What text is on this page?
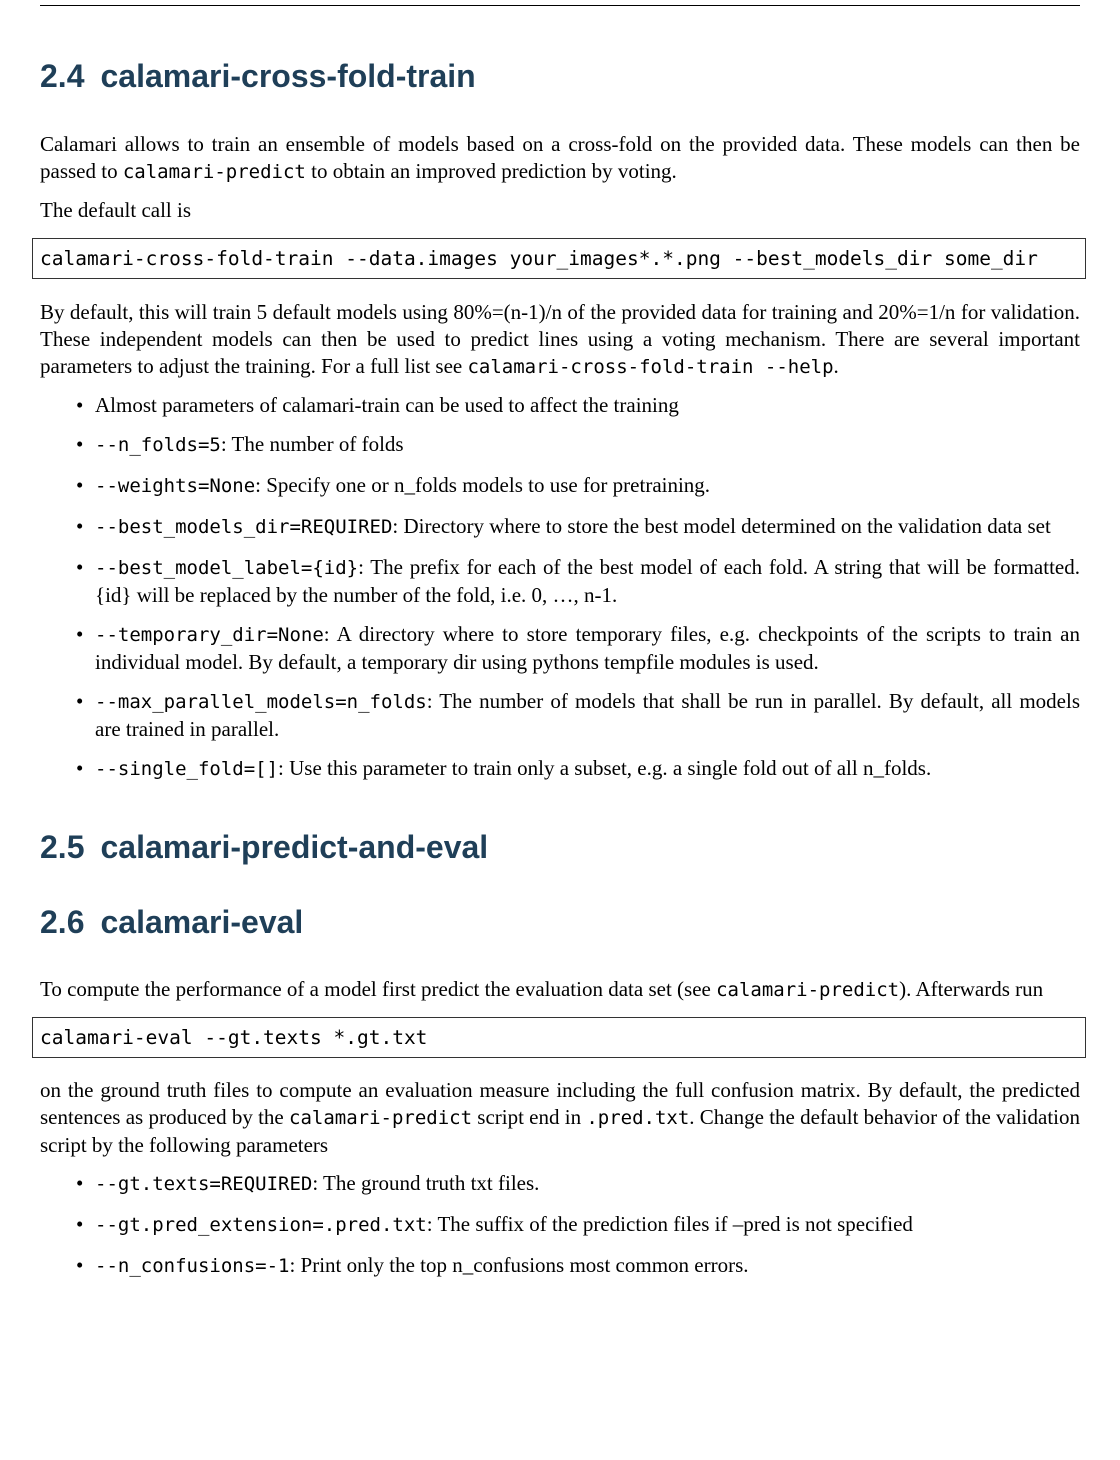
2.4 calamari-cross-fold-train

Calamari allows to train an ensemble of models based on a cross-fold on the provided data. These models can then be passed to calamari-predict to obtain an improved prediction by voting.

The default call is

calamari-cross-fold-train --data.images your_images*.*.png --best_models_dir some_dir

By default, this will train 5 default models using 80%=(n-1)/n of the provided data for training and 20%=1/n for validation. These independent models can then be used to predict lines using a voting mechanism. There are several important parameters to adjust the training. For a full list see calamari-cross-fold-train --help.

• Almost parameters of calamari-train can be used to affect the training
• --n_folds=5: The number of folds
• --weights=None: Specify one or n_folds models to use for pretraining.
• --best_models_dir=REQUIRED: Directory where to store the best model determined on the validation data set
• --best_model_label={id}: The prefix for each of the best model of each fold. A string that will be formatted. {id} will be replaced by the number of the fold, i.e. 0, …, n-1.
• --temporary_dir=None: A directory where to store temporary files, e.g. checkpoints of the scripts to train an individual model. By default, a temporary dir using pythons tempfile modules is used.
• --max_parallel_models=n_folds: The number of models that shall be run in parallel. By default, all models are trained in parallel.
• --single_fold=[]: Use this parameter to train only a subset, e.g. a single fold out of all n_folds.
2.5 calamari-predict-and-eval
2.6 calamari-eval

To compute the performance of a model first predict the evaluation data set (see calamari-predict). Afterwards run

calamari-eval --gt.texts *.gt.txt

on the ground truth files to compute an evaluation measure including the full confusion matrix. By default, the predicted sentences as produced by the calamari-predict script end in .pred.txt. Change the default behavior of the validation script by the following parameters

• --gt.texts=REQUIRED: The ground truth txt files.
• --gt.pred_extension=.pred.txt: The suffix of the prediction files if –pred is not specified
• --n_confusions=-1: Print only the top n_confusions most common errors.
